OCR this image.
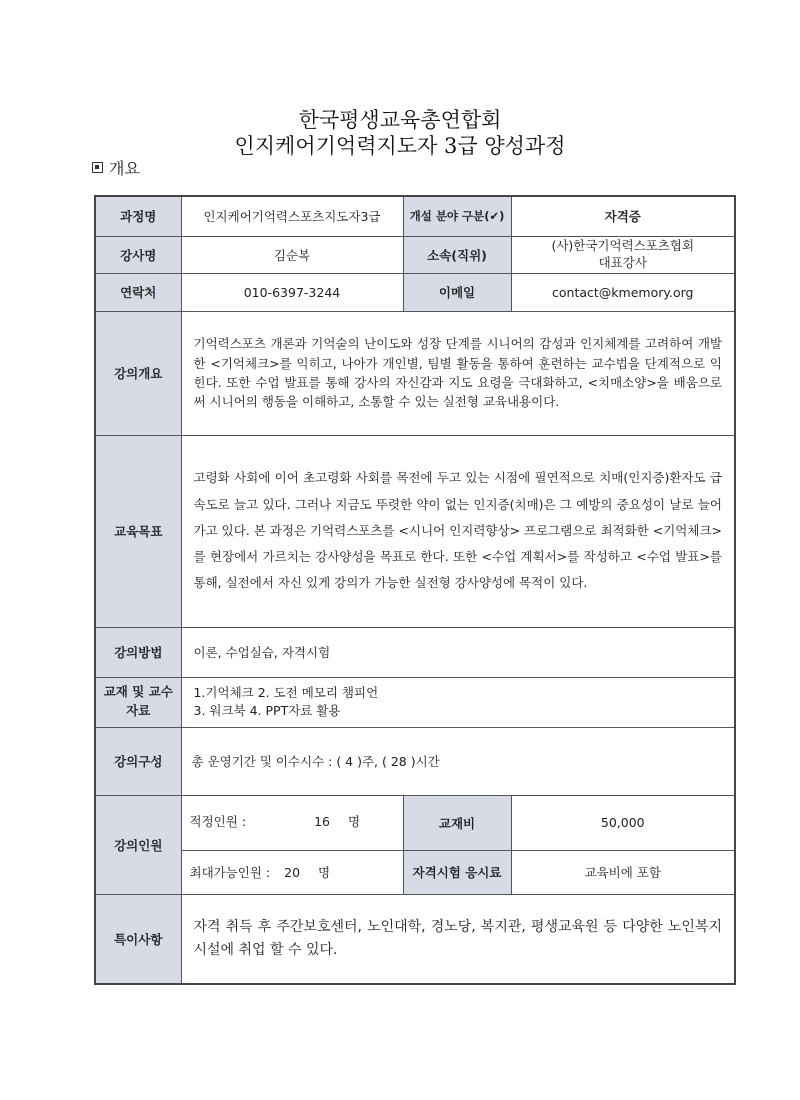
한국평생교육총연합회
인지케어기억력지도자 3급 양성과정
개요
과정명	인지케어기억력스포츠지도자3급	개설 분야 구분(✔)	자격증
강사명	김순복	소속(직위)	(사)한국기억력스포츠협회
대표강사

연락처	010-6397-3244	이메일	contact@kmemory.org
강의개요	기억력스포츠 개론과 기억술의 난이도와 성장 단계를 시니어의 감성과 인지체계를 고려하여 개발한 <기억체크>를 익히고, 나아가 개인별, 팀별 활동을 통하여 훈련하는 교수법을 단계적으로 익힌다. 또한 수업 발표를 통해 강사의 자신감과 지도 요령을 극대화하고, <치매소양>을 배움으로써 시니어의 행동을 이해하고, 소통할 수 있는 실전형 교육내용이다.		
교육목표	고령화 사회에 이어 초고령화 사회를 목전에 두고 있는 시점에 필연적으로 치매(인지증)환자도 급속도로 늘고 있다. 그러나 지금도 뚜렷한 약이 없는 인지증(치매)은 그 예방의 중요성이 날로 늘어가고 있다. 본 과정은 기억력스포츠를 <시니어 인지력향상> 프로그램으로 최적화한 <기억체크>를 현장에서 가르치는 강사양성을 목표로 한다. 또한 <수업 계획서>를 작성하고 <수업 발표>를 통해, 실전에서 자신 있게 강의가 가능한 실전형 강사양성에 목적이 있다.		
강의방법	이론, 수업실습, 자격시험		
교재 및 교수자료	1.기억체크 2. 도전 메모리 챔피언
3. 워크북 4. PPT자료 활용		

강의구성	총 운영기간 및 이수시수 : ( 4 )주, ( 28 )시간		
강의인원	적정인원 : 16 명	교재비	50,000
	최대가능인원 : 20 명	자격시험 응시료	교육비에 포함
특이사항	자격 취득 후 주간보호센터, 노인대학, 경노당, 복지관, 평생교육원 등 다양한 노인복지시설에 취업 할 수 있다.		
